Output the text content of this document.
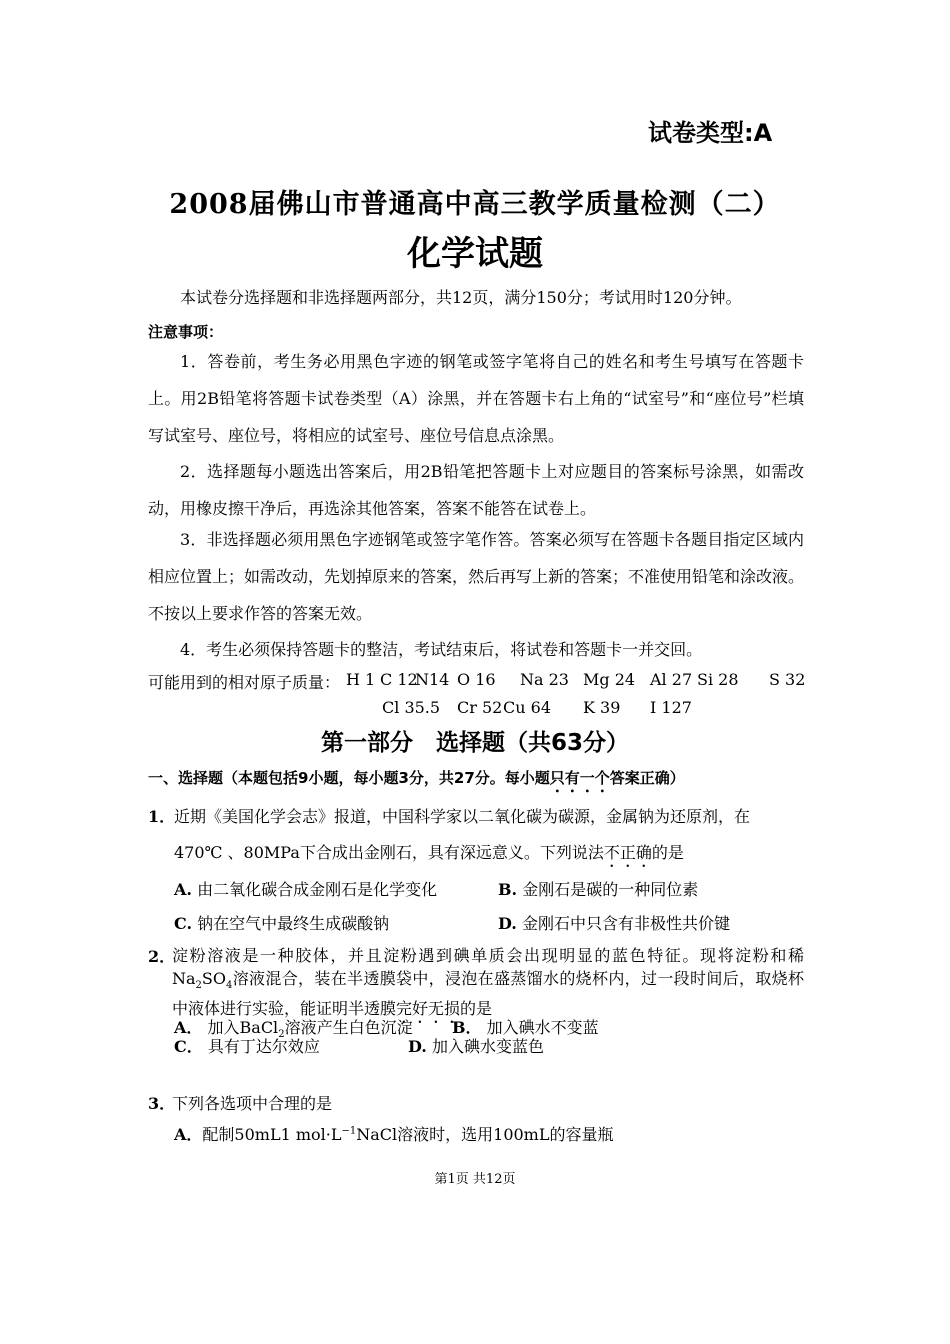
试卷类型:A
2008届佛山市普通高中高三教学质量检测（二）
化学试题
本试卷分选择题和非选择题两部分，共12页，满分150分；考试用时120分钟。
注意事项：
1．答卷前，考生务必用黑色字迹的钢笔或签字笔将自己的姓名和考生号填写在答题卡上。用2B铅笔将答题卡试卷类型（A）涂黑，并在答题卡右上角的“试室号”和“座位号”栏填写试室号、座位号，将相应的试室号、座位号信息点涂黑。
2．选择题每小题选出答案后，用2B铅笔把答题卡上对应题目的答案标号涂黑，如需改动，用橡皮擦干净后，再选涂其他答案，答案不能答在试卷上。
3．非选择题必须用黑色字迹钢笔或签字笔作答。答案必须写在答题卡各题目指定区域内相应位置上；如需改动，先划掉原来的答案，然后再写上新的答案；不准使用铅笔和涂改液。不按以上要求作答的答案无效。
4．考生必须保持答题卡的整洁，考试结束后，将试卷和答题卡一并交回。
可能用到的相对原子质量： H 1 C 12
N14 O 16 Na 23 Mg 24 Al 27 Si 28 S 32
Cl 35.5 Cr 52 Cu 64 K 39 I 127
第一部分　选择题（共63分）
一、选择题（本题包括9小题，每小题3分，共27分。每小题只有一个答案正确）
1．
近期《美国化学会志》报道，中国科学家以二氧化碳为碳源，金属钠为还原剂，在
470℃ 、80MPa下合成出金刚石，具有深远意义。下列说法不正确的是
A. 由二氧化碳合成金刚石是化学变化	B. 金刚石是碳的一种同位素
C. 钠在空气中最终生成碳酸钠	D. 金刚石中只含有非极性共价键
2．
淀粉溶液是一种胶体，并且淀粉遇到碘单质会出现明显的蓝色特征。现将淀粉和稀$Na_2SO_4$溶液混合，装在半透膜袋中，浸泡在盛蒸馏水的烧杯内，过一段时间后，取烧杯中液体进行实验，能证明半透膜完好无损的是
A． 加入BaCl$_2$溶液产生白色沉淀 B． 加入碘水不变蓝
C． 具有丁达尔效应	D. 加入碘水变蓝色
3．
下列各选项中合理的是
A．配制50mL1 $mol\cdot L^{-1}NaCl$溶液时，选用100mL的容量瓶
第1页 共12页
